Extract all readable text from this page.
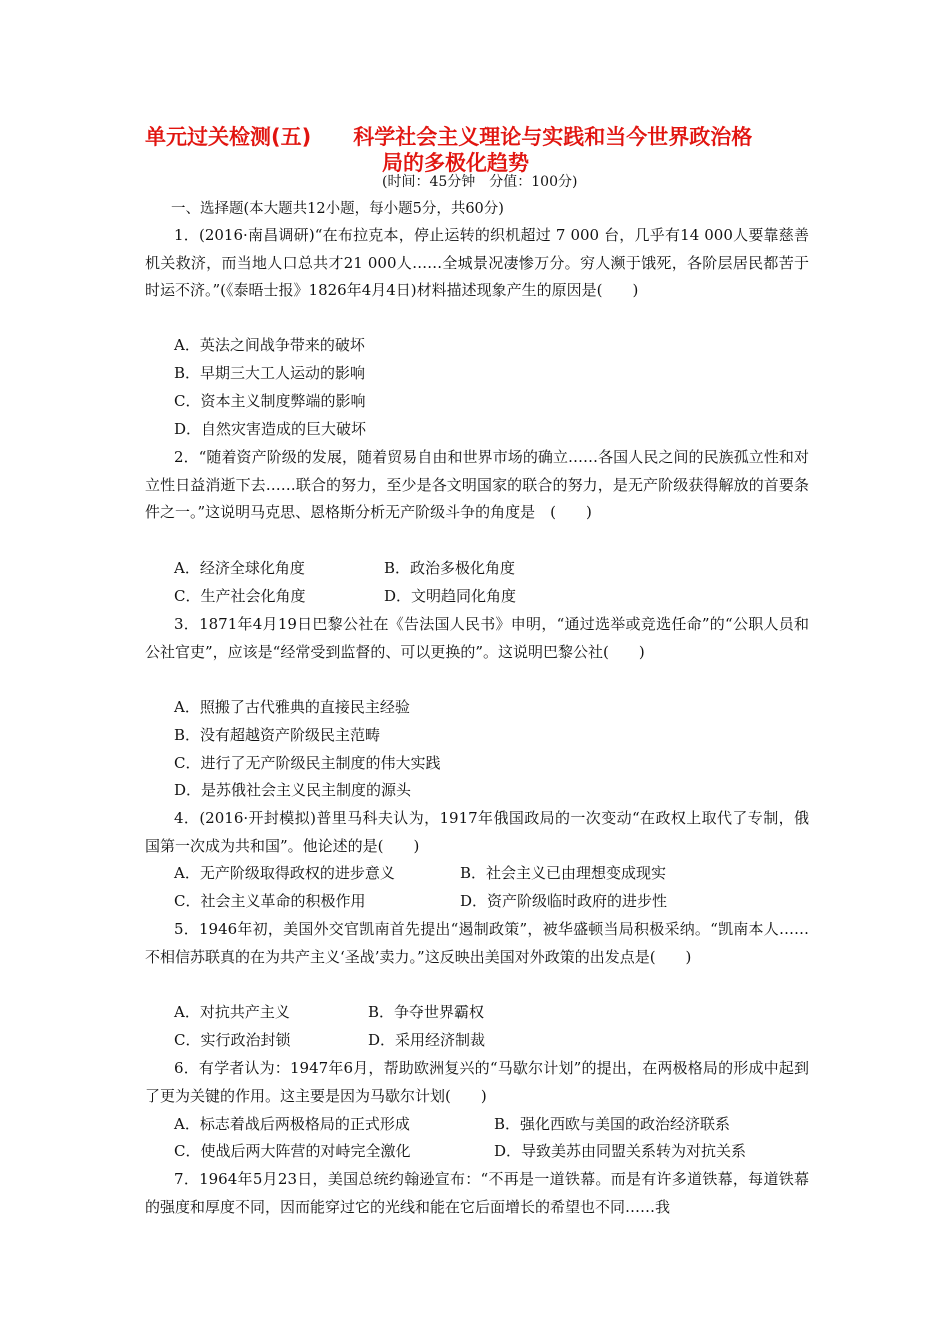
单元过关检测(五)　　科学社会主义理论与实践和当今世界政治格
局的多极化趋势
(时间：45分钟　分值：100分)
一、选择题(本大题共12小题，每小题5分，共60分)
1．(2016·南昌调研)“在布拉克本，停止运转的织机超过 7 000 台，几乎有14 000人要靠慈善机关救济，而当地人口总共才21 000人……全城景况凄惨万分。穷人濒于饿死，各阶层居民都苦于时运不济。”(《泰晤士报》1826年4月4日)材料描述现象产生的原因是(　　)
A．英法之间战争带来的破坏
B．早期三大工人运动的影响
C．资本主义制度弊端的影响
D．自然灾害造成的巨大破坏
2．“随着资产阶级的发展，随着贸易自由和世界市场的确立……各国人民之间的民族孤立性和对立性日益消逝下去……联合的努力，至少是各文明国家的联合的努力，是无产阶级获得解放的首要条件之一。”这说明马克思、恩格斯分析无产阶级斗争的角度是　(　　)
A．经济全球化角度	B．政治多极化角度
C．生产社会化角度	D．文明趋同化角度
3．1871年4月19日巴黎公社在《告法国人民书》申明，“通过选举或竞选任命”的“公职人员和公社官吏”，应该是“经常受到监督的、可以更换的”。这说明巴黎公社(　　)
A．照搬了古代雅典的直接民主经验
B．没有超越资产阶级民主范畴
C．进行了无产阶级民主制度的伟大实践
D．是苏俄社会主义民主制度的源头
4．(2016·开封模拟)普里马科夫认为，1917年俄国政局的一次变动“在政权上取代了专制，俄国第一次成为共和国”。他论述的是(　　)
A．无产阶级取得政权的进步意义	B．社会主义已由理想变成现实
C．社会主义革命的积极作用	D．资产阶级临时政府的进步性
5．1946年初，美国外交官凯南首先提出“遏制政策”，被华盛顿当局积极采纳。“凯南本人……不相信苏联真的在为共产主义‘圣战’卖力。”这反映出美国对外政策的出发点是(　　)
A．对抗共产主义	B．争夺世界霸权
C．实行政治封锁	D．采用经济制裁
6．有学者认为：1947年6月，帮助欧洲复兴的“马歇尔计划”的提出，在两极格局的形成中起到了更为关键的作用。这主要是因为马歇尔计划(　　)
A．标志着战后两极格局的正式形成	B．强化西欧与美国的政治经济联系
C．使战后两大阵营的对峙完全激化	D．导致美苏由同盟关系转为对抗关系
7．1964年5月23日，美国总统约翰逊宣布：“不再是一道铁幕。而是有许多道铁幕，每道铁幕的强度和厚度不同，因而能穿过它的光线和能在它后面增长的希望也不同……我
